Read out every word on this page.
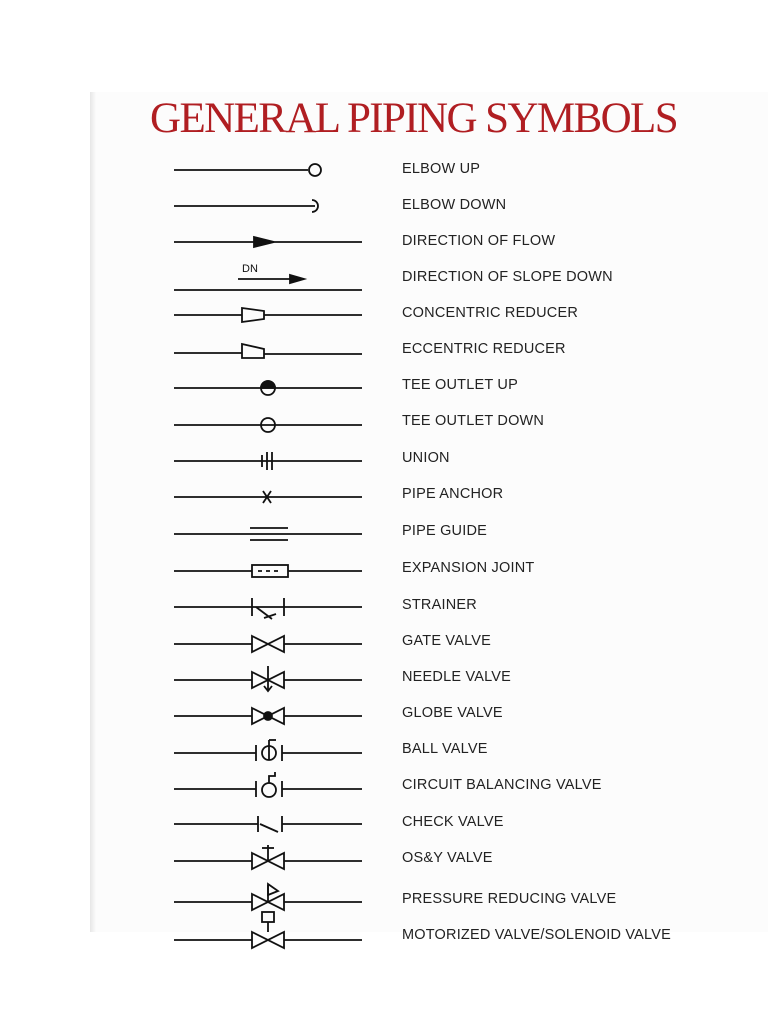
GENERAL PIPING SYMBOLS
ELBOW UP
ELBOW DOWN
DIRECTION OF FLOW
DN	DIRECTION OF SLOPE DOWN
CONCENTRIC REDUCER
ECCENTRIC REDUCER
TEE OUTLET UP
TEE OUTLET DOWN
UNION
PIPE ANCHOR
PIPE GUIDE
EXPANSION JOINT
STRAINER
GATE VALVE
NEEDLE VALVE
GLOBE VALVE
BALL VALVE
CIRCUIT BALANCING VALVE
CHECK VALVE
OS&Y VALVE
PRESSURE REDUCING VALVE
MOTORIZED VALVE/SOLENOID VALVE
